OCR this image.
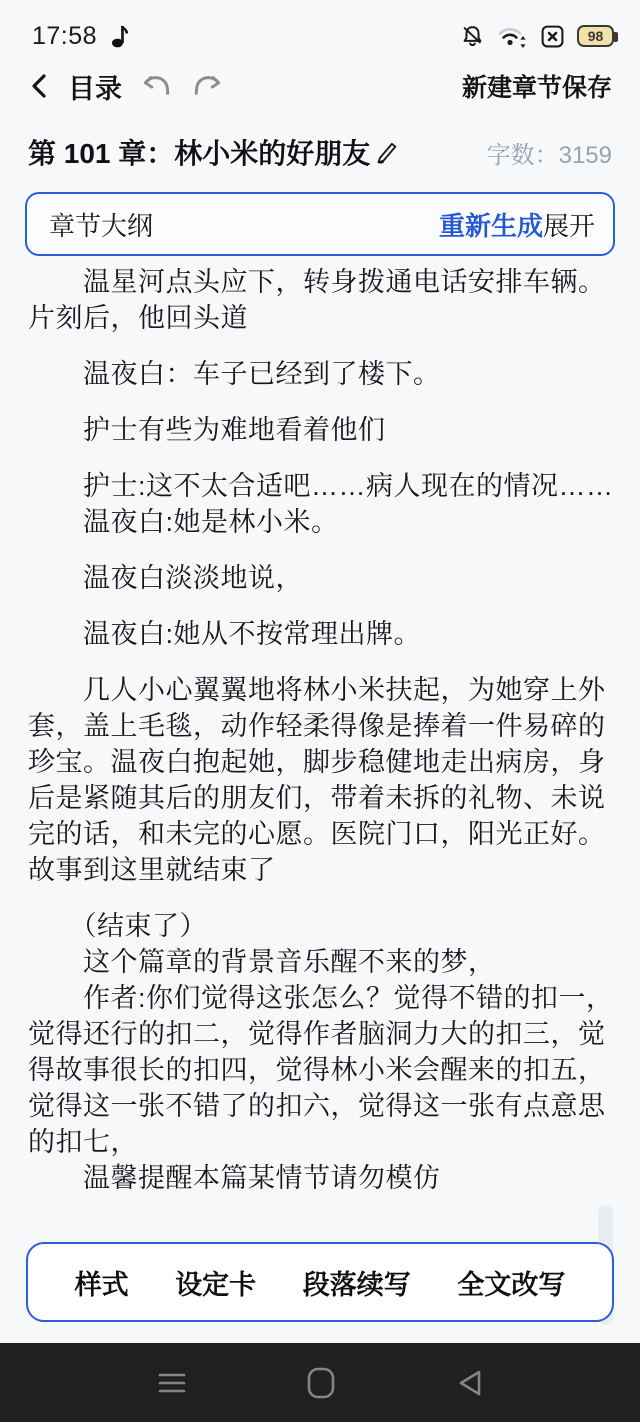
17:58	98
目录	新建章节 保存
第 101 章：林小米的好朋友	字数：3159
章节大纲	重新生成 展开
　　温星河点头应下，转身拨通电话安排车辆。
片刻后，他回头道
　　温夜白：车子已经到了楼下。
　　护士有些为难地看着他们
　　护士:这不太合适吧……病人现在的情况……
　　温夜白:她是林小米。
　　温夜白淡淡地说，
　　温夜白:她从不按常理出牌。
　　几人小心翼翼地将林小米扶起，为她穿上外
套，盖上毛毯，动作轻柔得像是捧着一件易碎的
珍宝。温夜白抱起她，脚步稳健地走出病房，身
后是紧随其后的朋友们，带着未拆的礼物、未说
完的话，和未完的心愿。医院门口，阳光正好。
故事到这里就结束了
　　（结束了）
　　这个篇章的背景音乐醒不来的梦，
　　作者:你们觉得这张怎么？觉得不错的扣一，
觉得还行的扣二，觉得作者脑洞力大的扣三，觉
得故事很长的扣四，觉得林小米会醒来的扣五，
觉得这一张不错了的扣六，觉得这一张有点意思
的扣七，
　　温馨提醒本篇某情节请勿模仿
样式 设定卡 段落续写 全文改写
